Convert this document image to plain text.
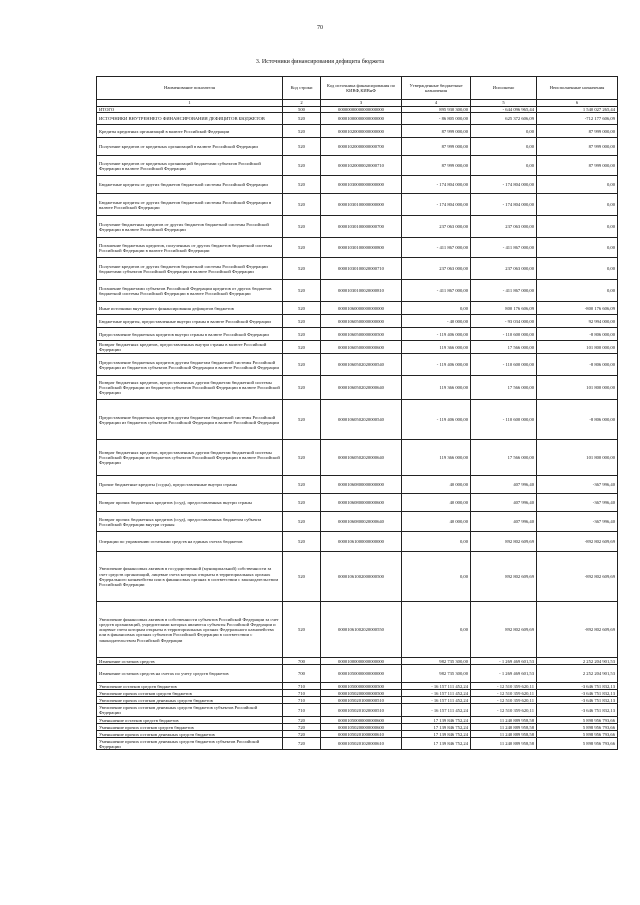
70
3. Источники финансирования дефицита бюджета
Наименование показателя	Код строки	Код источника финансирования по КИВФ,КИВнФ	Утвержденные бюджетные назначения	Исполнено	Неисполненные назначения
1	2	3	4	5	6
ИТОГО	500	00000000000000000000	895 930 300,00	- 644 096 965,44	1 540 027 265,44
ИСТОЧНИКИ ВНУТРЕННЕГО ФИНАНСИРОВАНИЯ ДЕФИЦИТОВ БЮДЖЕТОВ	520	00001000000000000000	- 86 805 000,00	625 372 606,09	-712 177 606,09
Кредиты кредитных организаций в валюте Российской Федерации	520	00001020000000000000	87 999 000,00	0,00	87 999 000,00
Получение кредитов от кредитных организаций в валюте Российской Федерации	520	00001020000000000700	87 999 000,00	0,00	87 999 000,00
Получение кредитов от кредитных организаций бюджетами субъектов Российской Федерации в валюте Российской Федерации	520	00001020000020000710	87 999 000,00	0,00	87 999 000,00
Бюджетные кредиты от других бюджетов бюджетной системы Российской Федерации	520	00001030000000000000	- 174 804 000,00	- 174 804 000,00	0,00
Бюджетные кредиты от других бюджетов бюджетной системы Российской Федерации в валюте Российской Федерации	520	00001030100000000000	- 174 804 000,00	- 174 804 000,00	0,00
Получение бюджетных кредитов от других бюджетов бюджетной системы Российской Федерации в валюте Российской Федерации	520	00001030100000000700	237 063 000,00	237 063 000,00	0,00
Погашение бюджетных кредитов, полученных от других бюджетов бюджетной системы Российской Федерации в валюте Российской Федерации	520	00001030100000000800	- 411 867 000,00	- 411 867 000,00	0,00
Получение кредитов от других бюджетов бюджетной системы Российской Федерации бюджетами субъектов Российской Федерации в валюте Российской Федерации	520	00001030100020000710	237 063 000,00	237 063 000,00	0,00
Погашение бюджетами субъектов Российской Федерации кредитов от других бюджетов бюджетной системы Российской Федерации в валюте Российской Федерации	520	00001030100020000810	- 411 867 000,00	- 411 867 000,00	0,00
Иные источники внутреннего финансирования дефицитов бюджетов	520	00001060000000000000	0,00	800 176 606,09	-800 176 606,09
Бюджетные кредиты, предоставленные внутри страны в валюте Российской Федерации	520	00001060500000000000	- 40 000,00	- 93 034 000,00	92 994 000,00
Предоставление бюджетных кредитов внутри страны в валюте Российской Федерации	520	00001060500000000500	- 119 406 000,00	- 110 600 000,00	-8 806 000,00
Возврат бюджетных кредитов, предоставленных внутри страны в валюте Российской Федерации	520	00001060500000000600	119 366 000,00	17 566 000,00	101 800 000,00
Предоставление бюджетных кредитов другим бюджетам бюджетной системы Российской Федерации из бюджетов субъектов Российской Федерации в валюте Российской Федерации	520	00001060502020000540	- 119 406 000,00	- 110 600 000,00	-8 806 000,00
Возврат бюджетных кредитов, предоставленных другим бюджетам бюджетной системы Российской Федерации из бюджетов субъектов Российской Федерации в валюте Российской Федерации	520	00001060502020000640	119 366 000,00	17 566 000,00	101 800 000,00
Предоставление бюджетных кредитов другим бюджетам бюджетной системы Российской Федерации из бюджетов субъектов Российской Федерации в валюте Российской Федерации	520	00001060502020000540	- 119 406 000,00	- 110 600 000,00	-8 806 000,00
Возврат бюджетных кредитов, предоставленных другим бюджетам бюджетной системы Российской Федерации из бюджетов субъектов Российской Федерации в валюте Российской Федерации	520	00001060502020000640	119 366 000,00	17 566 000,00	101 800 000,00
Прочие бюджетные кредиты (ссуды), предоставленные внутри страны	520	00001060800000000000	40 000,00	407 996,40	-367 996,40
Возврат прочих бюджетных кредитов (ссуд), предоставленных внутри страны	520	00001060800000000600	40 000,00	407 996,40	-367 996,40
Возврат прочих бюджетных кредитов (ссуд), предоставленных бюджетом субъекта Российской Федерации внутри страны	520	00001060800020000640	40 000,00	407 996,40	-367 996,40
Операции по управлению остатками средств на единых счетах бюджетов	520	00001061000000000000	0,00	892 802 609,69	-892 802 609,69
Увеличение финансовых активов в государственной (муниципальной) собственности за счет средств организаций, лицевые счета которых открыты в территориальных органах Федерального казначейства или в финансовых органах в соответствии с законодательством Российской Федерации	520	00001061002000000500	0,00	892 802 609,69	-892 802 609,69
Увеличение финансовых активов в собственности субъектов Российской Федерации за счет средств организаций, учредителями которых являются субъекты Российской Федерации и лицевые счета которым открыты в территориальных органах Федерального казначейства или в финансовых органах субъектов Российской Федерации в соответствии с законодательством Российской Федерации	520	00001061002020000550	0,00	892 802 609,69	-892 802 609,69
Изменение остатков средств	700	00001000000000000000	982 735 300,00	- 1 269 469 601,53	2 252 204 901,53
Изменение остатков средств на счетах по учету средств бюджетов	700	00001050000000000000	982 735 300,00	- 1 269 469 601,53	2 252 204 901,53
Увеличение остатков средств бюджетов	710	00001050000000000500	- 16 157 111 452,24	- 12 510 359 620,11	-3 646 751 832,13
Увеличение прочих остатков средств бюджетов	710	00001050200000000500	- 16 157 111 452,24	- 12 510 359 620,11	-3 646 751 832,13
Увеличение прочих остатков денежных средств бюджетов	710	00001050201000000510	- 16 157 111 452,24	- 12 510 359 620,11	-3 646 751 832,13
Увеличение прочих остатков денежных средств бюджетов субъектов Российской Федерации	710	00001050201020000510	- 16 157 111 452,24	- 12 510 359 620,11	-3 646 751 832,13
Уменьшение остатков средств бюджетов	720	00001050000000000600	17 139 846 752,24	11 240 889 958,58	5 898 956 793,66
Уменьшение прочих остатков средств бюджетов	720	00001050200000000600	17 139 846 752,24	11 240 889 958,58	5 898 956 793,66
Уменьшение прочих остатков денежных средств бюджетов	720	00001050201000000610	17 139 846 752,24	11 240 889 958,58	5 898 956 793,66
Уменьшение прочих остатков денежных средств бюджетов субъектов Российской Федерации	720	00001050201020000610	17 139 846 752,24	11 240 889 958,58	5 898 956 793,66
